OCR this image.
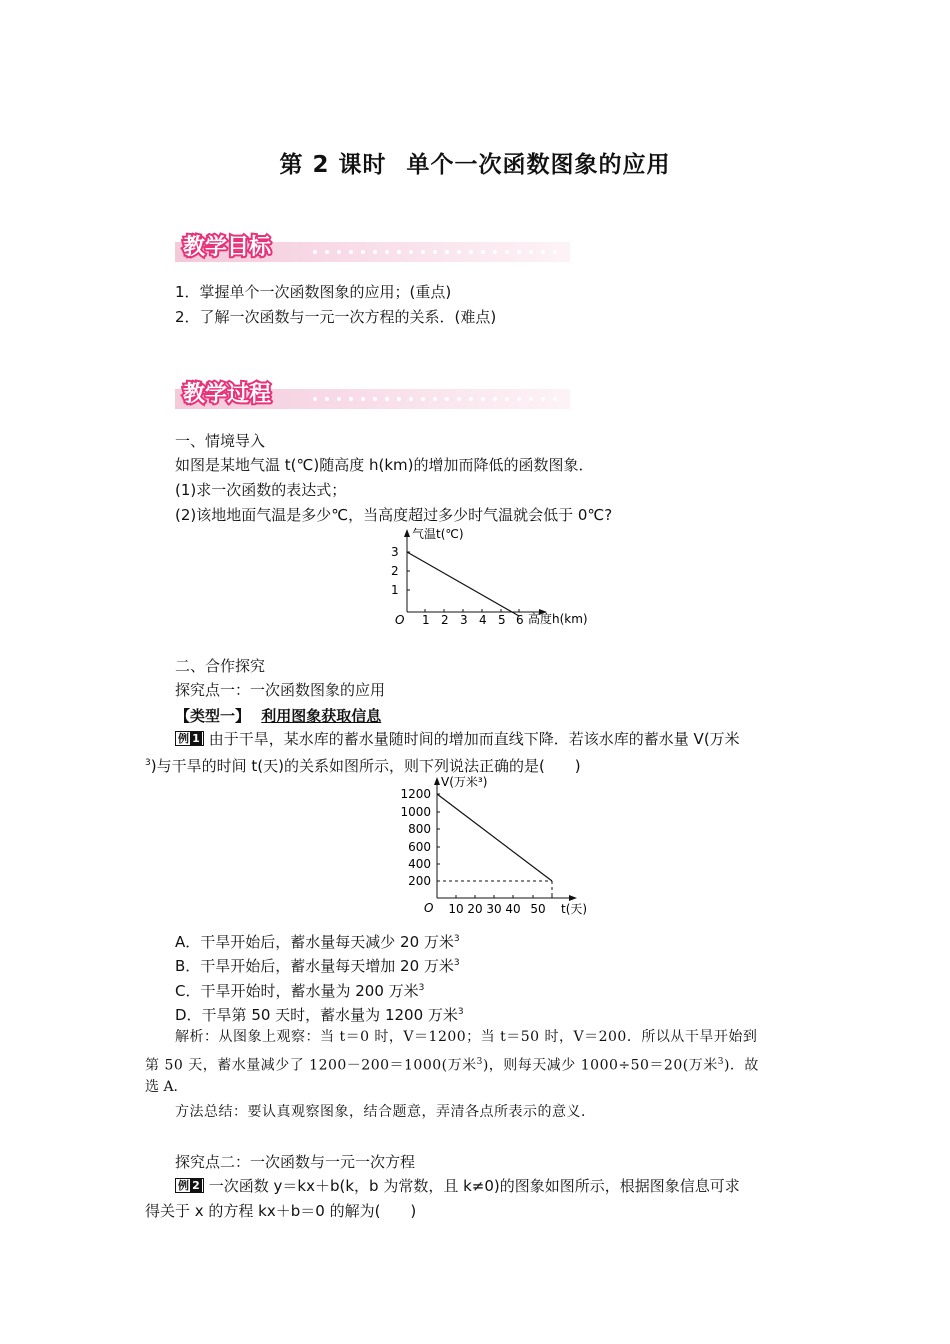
第 2 课时 单个一次函数图象的应用
教学目标
1．掌握单个一次函数图象的应用；(重点)
2．了解一次函数与一元一次方程的关系．(难点)
教学过程
一、情境导入
如图是某地气温 t(℃)随高度 h(km)的增加而降低的函数图象．
(1)求一次函数的表达式；
(2)该地地面气温是多少℃，当高度超过多少时气温就会低于 0℃?
3
2
1
1 2 3 4 5 6
O
气温t(℃)
高度h(km)
二、合作探究
探究点一：一次函数图象的应用
【类型一】 利用图象获取信息
例 1 由于干旱，某水库的蓄水量随时间的增加而直线下降．若该水库的蓄水量 V(万米
$^3$)与干旱的时间 t(天)的关系如图所示，则下列说法正确的是(　　)
1200
1000
800
600
400
200
10 20 30 40 50
O
V(万米³)
t(天)
A．干旱开始后，蓄水量每天减少 20 万米$^3$
B．干旱开始后，蓄水量每天增加 20 万米$^3$
C．干旱开始时，蓄水量为 200 万米$^3$
D．干旱第 50 天时，蓄水量为 1200 万米$^3$
解析：从图象上观察：当 t＝0 时，V＝1200；当 t＝50 时，V＝200．所以从干旱开始到
第 50 天，蓄水量减少了 1200－200＝1000(万米$^3$)，则每天减少 1000÷50＝20(万米$^3$)．故
选 A．
方法总结：要认真观察图象，结合题意，弄清各点所表示的意义．
探究点二：一次函数与一元一次方程
例 2 一次函数 y＝kx＋b(k，b 为常数，且 k≠0)的图象如图所示，根据图象信息可求
得关于 x 的方程 kx＋b＝0 的解为(　　)
